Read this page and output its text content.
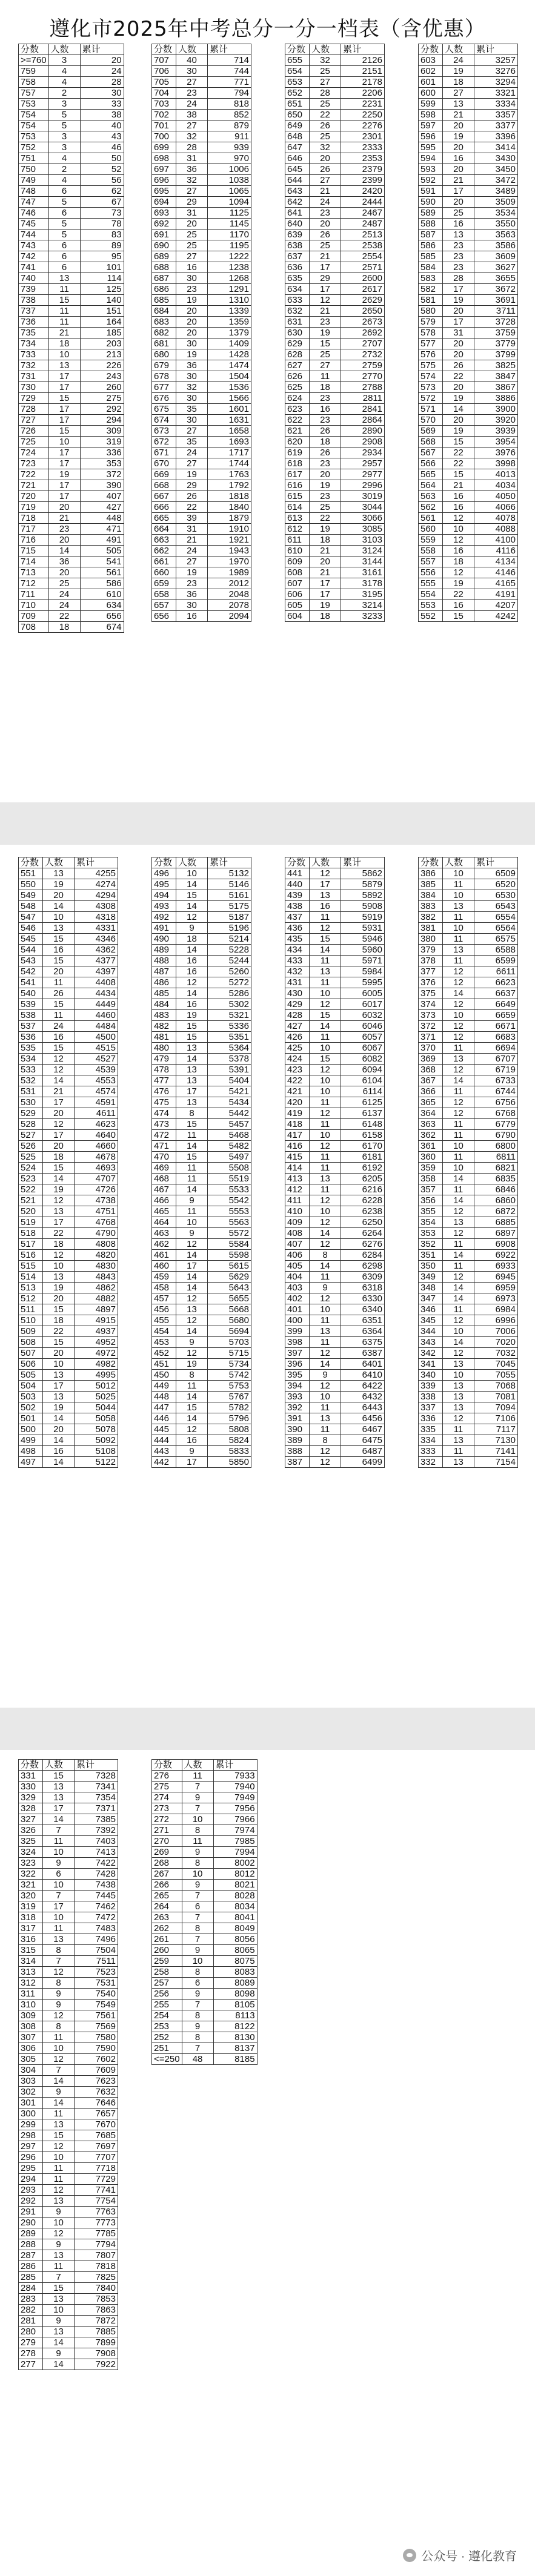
遵化市2025年中考总分一分一档表（含优惠）
分数	人数	累计
>=760	3	20
759	4	24
758	4	28
757	2	30
753	3	33
754	5	38
754	5	40
753	3	43
752	3	46
751	4	50
750	2	52
749	4	56
748	6	62
747	5	67
746	6	73
745	5	78
744	5	83
743	6	89
742	6	95
741	6	101
740	13	114
739	11	125
738	15	140
737	11	151
736	11	164
735	21	185
734	18	203
733	10	213
732	13	226
731	17	243
730	17	260
729	15	275
728	17	292
727	17	294
726	15	309
725	10	319
724	17	336
723	17	353
722	19	372
721	17	390
720	17	407
719	20	427
718	21	448
717	23	471
716	20	491
715	14	505
714	36	541
713	20	561
712	25	586
711	24	610
710	24	634
709	22	656
708	18	674
分数	人数	累计
707	40	714
706	30	744
705	27	771
704	23	794
703	24	818
702	38	852
701	27	879
700	32	911
699	28	939
698	31	970
697	36	1006
696	32	1038
695	27	1065
694	29	1094
693	31	1125
692	20	1145
691	25	1170
690	25	1195
689	27	1222
688	16	1238
687	30	1268
686	23	1291
685	19	1310
684	20	1339
683	20	1359
682	20	1379
681	30	1409
680	19	1428
679	36	1474
678	30	1504
677	32	1536
676	30	1566
675	35	1601
674	30	1631
673	27	1658
672	35	1693
671	24	1717
670	27	1744
669	19	1763
668	29	1792
667	26	1818
666	22	1840
665	39	1879
664	31	1910
663	21	1921
662	24	1943
661	27	1970
660	19	1989
659	23	2012
658	36	2048
657	30	2078
656	16	2094
分数	人数	累计
655	32	2126
654	25	2151
653	27	2178
652	28	2206
651	25	2231
650	22	2250
649	26	2276
648	25	2301
647	32	2333
646	20	2353
645	26	2379
644	27	2399
643	21	2420
642	24	2444
641	23	2467
640	20	2487
639	26	2513
638	25	2538
637	21	2554
636	17	2571
635	29	2600
634	17	2617
633	12	2629
632	21	2650
631	23	2673
630	19	2692
629	15	2707
628	25	2732
627	27	2759
626	11	2770
625	18	2788
624	23	2811
623	16	2841
622	23	2864
621	26	2890
620	18	2908
619	26	2934
618	23	2957
617	20	2977
616	19	2996
615	23	3019
614	25	3044
613	22	3066
612	19	3085
611	18	3103
610	21	3124
609	20	3144
608	21	3161
607	17	3178
606	17	3195
605	19	3214
604	18	3233
分数	人数	累计
603	24	3257
602	19	3276
601	18	3294
600	27	3321
599	13	3334
598	21	3357
597	20	3377
596	19	3396
595	20	3414
594	16	3430
593	20	3450
592	21	3472
591	17	3489
590	20	3509
589	25	3534
588	16	3550
587	13	3563
586	23	3586
585	23	3609
584	23	3627
583	28	3655
582	17	3672
581	19	3691
580	20	3711
579	17	3728
578	31	3759
577	20	3779
576	20	3799
575	26	3825
574	22	3847
573	20	3867
572	19	3886
571	14	3900
570	20	3920
569	19	3939
568	15	3954
567	22	3976
566	22	3998
565	15	4013
564	21	4034
563	16	4050
562	16	4066
561	12	4078
560	10	4088
559	12	4100
558	16	4116
557	18	4134
556	12	4146
555	19	4165
554	22	4191
553	16	4207
552	15	4242
分数	人数	累计
551	13	4255
550	19	4274
549	20	4294
548	14	4308
547	10	4318
546	13	4331
545	15	4346
544	16	4362
543	15	4377
542	20	4397
541	11	4408
540	26	4434
539	15	4449
538	11	4460
537	24	4484
536	16	4500
535	15	4515
534	12	4527
533	12	4539
532	14	4553
531	21	4574
530	17	4591
529	20	4611
528	12	4623
527	17	4640
526	20	4660
525	18	4678
524	15	4693
523	14	4707
522	19	4726
521	12	4738
520	13	4751
519	17	4768
518	22	4790
517	18	4808
516	12	4820
515	10	4830
514	13	4843
513	19	4862
512	20	4882
511	15	4897
510	18	4915
509	22	4937
508	15	4952
507	20	4972
506	10	4982
505	13	4995
504	17	5012
503	13	5025
502	19	5044
501	14	5058
500	20	5078
499	14	5092
498	16	5108
497	14	5122
分数	人数	累计
496	10	5132
495	14	5146
494	15	5161
493	14	5175
492	12	5187
491	9	5196
490	18	5214
489	14	5228
488	16	5244
487	16	5260
486	12	5272
485	14	5286
484	16	5302
483	19	5321
482	15	5336
481	15	5351
480	13	5364
479	14	5378
478	13	5391
477	13	5404
476	17	5421
475	13	5434
474	8	5442
473	15	5457
472	11	5468
471	14	5482
470	15	5497
469	11	5508
468	11	5519
467	14	5533
466	9	5542
465	11	5553
464	10	5563
463	9	5572
462	12	5584
461	14	5598
460	17	5615
459	14	5629
458	14	5643
457	12	5655
456	13	5668
455	12	5680
454	14	5694
453	9	5703
452	12	5715
451	19	5734
450	8	5742
449	11	5753
448	14	5767
447	15	5782
446	14	5796
445	12	5808
444	16	5824
443	9	5833
442	17	5850
分数	人数	累计
441	12	5862
440	17	5879
439	13	5892
438	16	5908
437	11	5919
436	12	5931
435	15	5946
434	14	5960
433	11	5971
432	13	5984
431	11	5995
430	10	6005
429	12	6017
428	15	6032
427	14	6046
426	11	6057
425	10	6067
424	15	6082
423	12	6094
422	10	6104
421	10	6114
420	11	6125
419	12	6137
418	11	6148
417	10	6158
416	12	6170
415	11	6181
414	11	6192
413	13	6205
412	11	6216
411	12	6228
410	10	6238
409	12	6250
408	14	6264
407	12	6276
406	8	6284
405	14	6298
404	11	6309
403	9	6318
402	12	6330
401	10	6340
400	11	6351
399	13	6364
398	11	6375
397	12	6387
396	14	6401
395	9	6410
394	12	6422
393	10	6432
392	11	6443
391	13	6456
390	11	6467
389	8	6475
388	12	6487
387	12	6499
分数	人数	累计
386	10	6509
385	11	6520
384	10	6530
383	13	6543
382	11	6554
381	10	6564
380	11	6575
379	13	6588
378	11	6599
377	12	6611
376	12	6623
375	14	6637
374	12	6649
373	10	6659
372	12	6671
371	12	6683
370	11	6694
369	13	6707
368	12	6719
367	14	6733
366	11	6744
365	12	6756
364	12	6768
363	11	6779
362	11	6790
361	10	6800
360	11	6811
359	10	6821
358	14	6835
357	11	6846
356	14	6860
355	12	6872
354	13	6885
353	12	6897
352	11	6908
351	14	6922
350	11	6933
349	12	6945
348	14	6959
347	14	6973
346	11	6984
345	12	6996
344	10	7006
343	14	7020
342	12	7032
341	13	7045
340	10	7055
339	13	7068
338	13	7081
337	13	7094
336	12	7106
335	11	7117
334	13	7130
333	11	7141
332	13	7154
分数	人数	累计
331	15	7328
330	13	7341
329	13	7354
328	17	7371
327	14	7385
326	7	7392
325	11	7403
324	10	7413
323	9	7422
322	6	7428
321	10	7438
320	7	7445
319	17	7462
318	10	7472
317	11	7483
316	13	7496
315	8	7504
314	7	7511
313	12	7523
312	8	7531
311	9	7540
310	9	7549
309	12	7561
308	8	7569
307	11	7580
306	10	7590
305	12	7602
304	7	7609
303	14	7623
302	9	7632
301	14	7646
300	11	7657
299	13	7670
298	15	7685
297	12	7697
296	10	7707
295	11	7718
294	11	7729
293	12	7741
292	13	7754
291	9	7763
290	10	7773
289	12	7785
288	9	7794
287	13	7807
286	11	7818
285	7	7825
284	15	7840
283	13	7853
282	10	7863
281	9	7872
280	13	7885
279	14	7899
278	9	7908
277	14	7922
分数	人数	累计
276	11	7933
275	7	7940
274	9	7949
273	7	7956
272	10	7966
271	8	7974
270	11	7985
269	9	7994
268	8	8002
267	10	8012
266	9	8021
265	7	8028
264	6	8034
263	7	8041
262	8	8049
261	7	8056
260	9	8065
259	10	8075
258	8	8083
257	6	8089
256	9	8098
255	7	8105
254	8	8113
253	9	8122
252	8	8130
251	7	8137
<=250	48	8185
公众号 · 遵化教育
